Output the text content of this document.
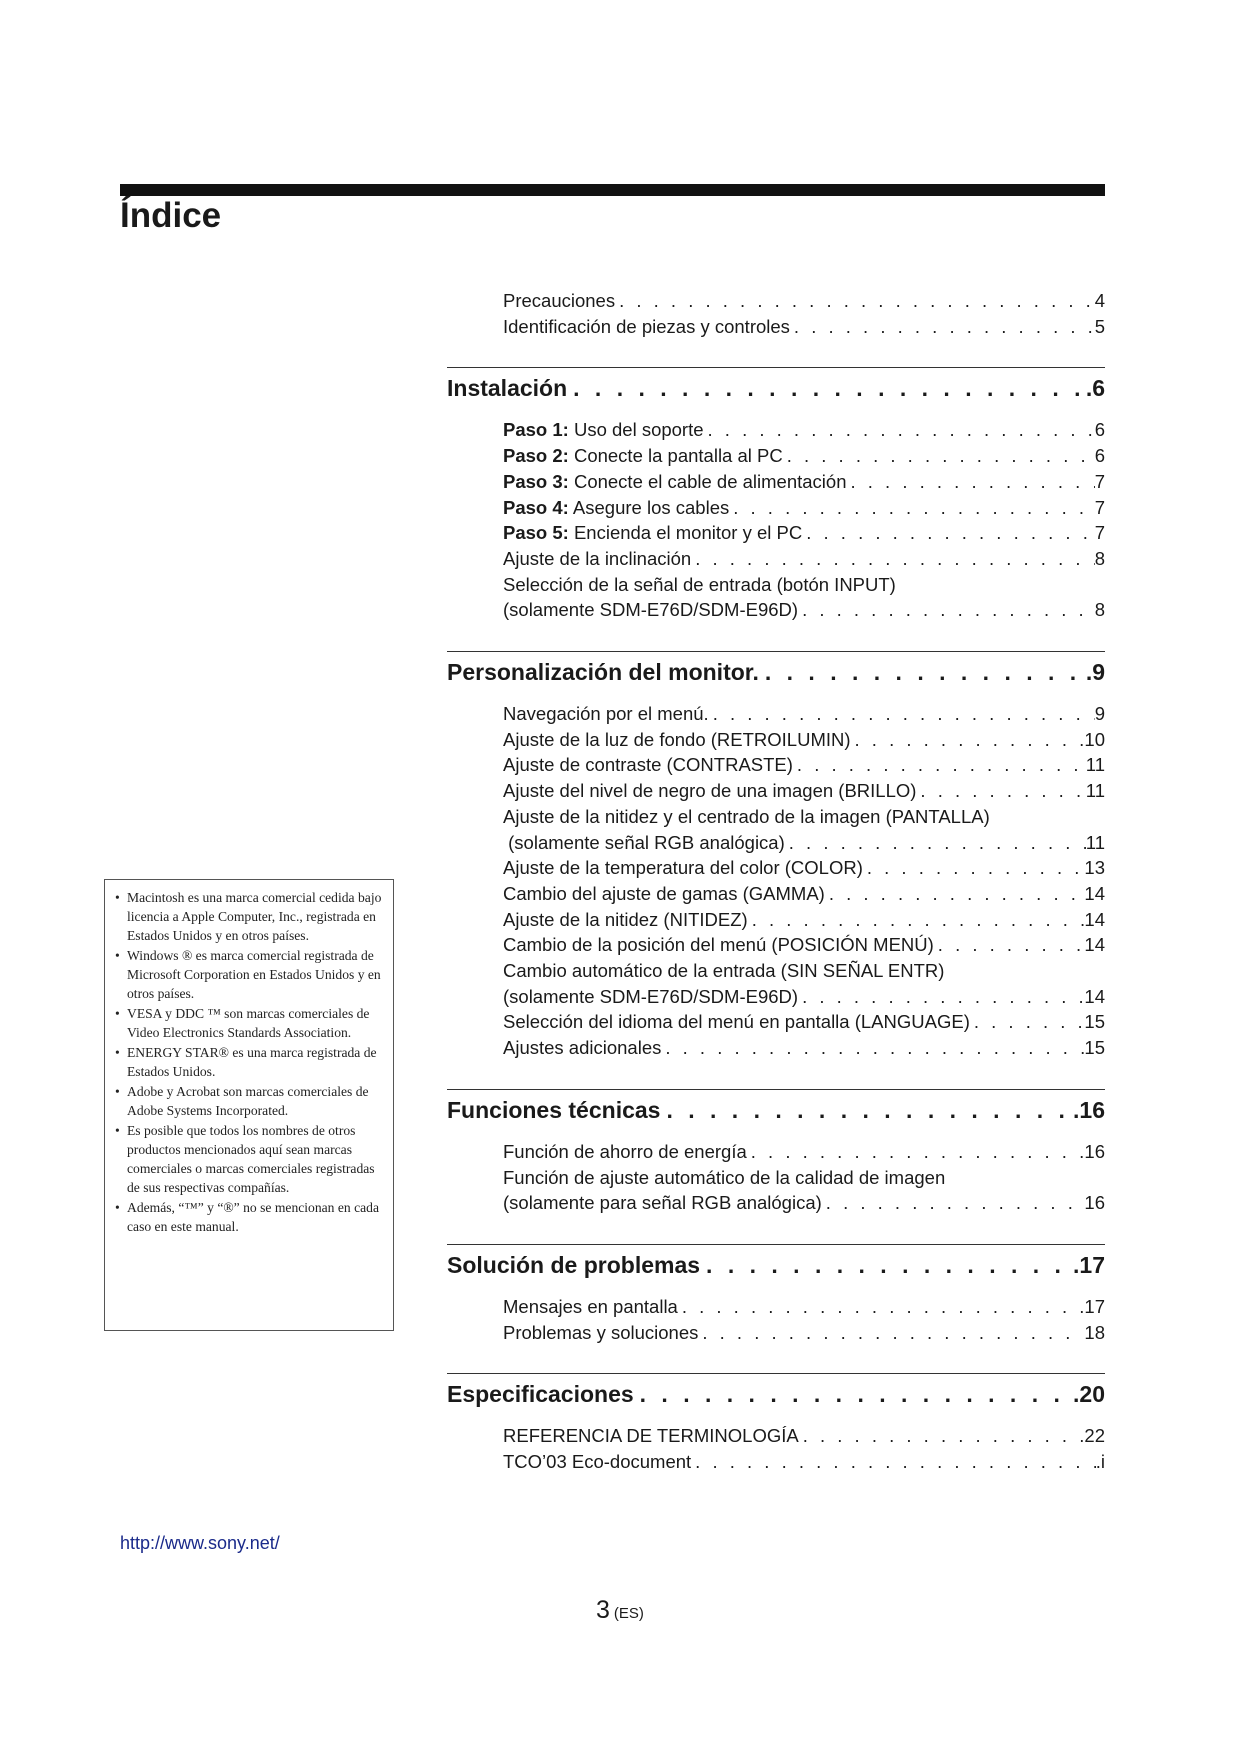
Índice
Precauciones . . .	4
Identificación de piezas y controles . . .	5
Instalación . . .	.6
Paso 1: Uso del soporte . . .	6
Paso 2: Conecte la pantalla al PC . . .	6
Paso 3: Conecte el cable de alimentación . . .	7
Paso 4: Asegure los cables . . .	7
Paso 5: Encienda el monitor y el PC . . .	7
Ajuste de la inclinación . . .	8
Selección de la señal de entrada (botón INPUT)
(solamente SDM-E76D/SDM-E96D) . . .	8
Personalización del monitor. . . .	.9
Navegación por el menú. . . .	9
Ajuste de la luz de fondo (RETROILUMIN) . . .	10
Ajuste de contraste (CONTRASTE) . . .	11
Ajuste del nivel de negro de una imagen (BRILLO) . . .	11
Ajuste de la nitidez y el centrado de la imagen (PANTALLA)
(solamente señal RGB analógica) . . .	11
Ajuste de la temperatura del color (COLOR) . . .	13
Cambio del ajuste de gamas (GAMMA) . . .	14
Ajuste de la nitidez (NITIDEZ) . . .	14
Cambio de la posición del menú (POSICIÓN MENÚ) . . .	14
Cambio automático de la entrada (SIN SEÑAL ENTR)
(solamente SDM-E76D/SDM-E96D) . . .	14
Selección del idioma del menú en pantalla (LANGUAGE) . . .	15
Ajustes adicionales . . .	15
Funciones técnicas . . .	.16
Función de ahorro de energía . . .	16
Función de ajuste automático de la calidad de imagen
(solamente para señal RGB analógica) . . .	16
Solución de problemas . . .	.17
Mensajes en pantalla . . .	17
Problemas y soluciones . . .	18
Especificaciones . . .	.20
REFERENCIA DE TERMINOLOGÍA . . .	22
TCO’03 Eco-document . . .	.i
• Macintosh es una marca comercial cedida bajo licencia a Apple Computer, Inc., registrada en Estados Unidos y en otros países.
• Windows ® es marca comercial registrada de Microsoft Corporation en Estados Unidos y en otros países.
• VESA y DDC ™ son marcas comerciales de Video Electronics Standards Association.
• ENERGY STAR® es una marca registrada de Estados Unidos.
• Adobe y Acrobat son marcas comerciales de Adobe Systems Incorporated.
• Es posible que todos los nombres de otros productos mencionados aquí sean marcas comerciales o marcas comerciales registradas de sus respectivas compañías.
• Además, “™” y “®” no se mencionan en cada caso en este manual.
http://www.sony.net/
3 (ES)
